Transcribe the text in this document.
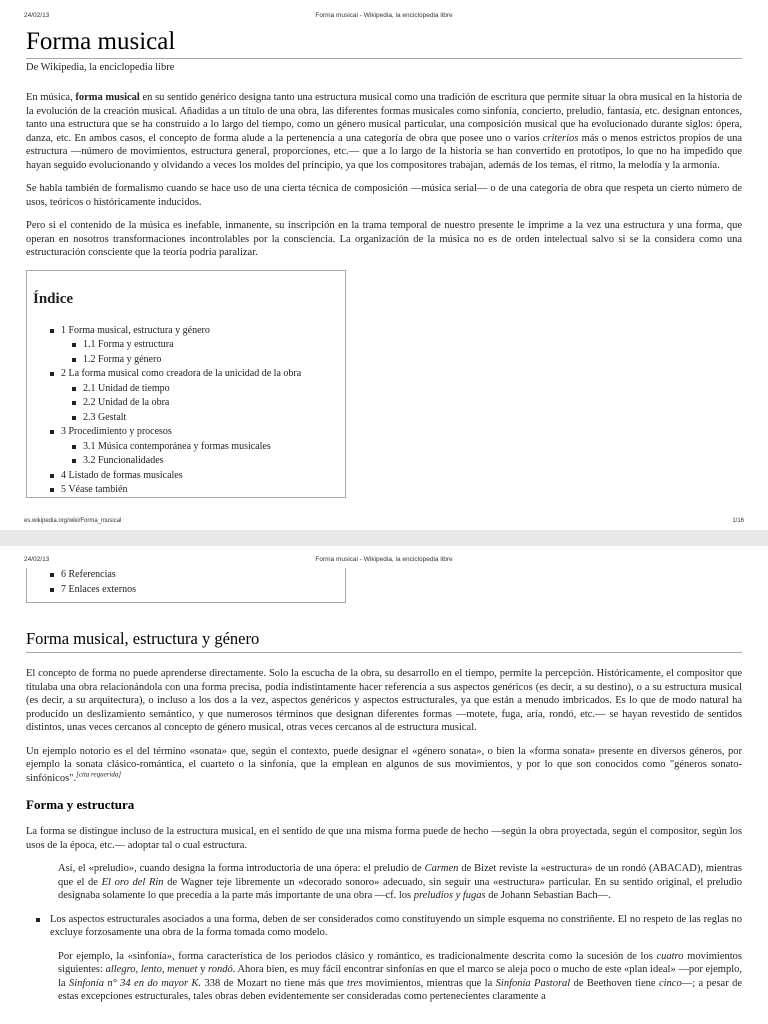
24/02/13	Forma musical - Wikipedia, la enciclopedia libre
Forma musical
De Wikipedia, la enciclopedia libre

En música, forma musical en su sentido genérico designa tanto una estructura musical como una tradición de escritura que permite situar la obra musical en la historia de la evolución de la creación musical. Añadidas a un título de una obra, las diferentes formas musicales como sinfonía, concierto, preludio, fantasía, etc. designan entonces, tanto una estructura que se ha construido a lo largo del tiempo, como un género musical particular, una composición musical que ha evolucionado durante siglos: ópera, danza, etc. En ambos casos, el concepto de forma alude a la pertenencia a una categoría de obra que posee uno o varios criterios más o menos estrictos propios de una estructura —número de movimientos, estructura general, proporciones, etc.— que a lo largo de la historia se han convertido en prototipos, lo que no ha impedido que hayan seguido evolucionando y olvidando a veces los moldes del principio, ya que los compositores trabajan, además de los temas, el ritmo, la melodía y la armonía.

Se habla también de formalismo cuando se hace uso de una cierta técnica de composición —música serial— o de una categoría de obra que respeta un cierto número de usos, teóricos o históricamente inducidos.

Pero si el contenido de la música es inefable, inmanente, su inscripción en la trama temporal de nuestro presente le imprime a la vez una estructura y una forma, que operan en nosotros transformaciones incontrolables por la consciencia. La organización de la música no es de orden intelectual salvo si se la considera como una estructuración consciente que la teoría podría paralizar.

Índice
1 Forma musical, estructura y género
1.1 Forma y estructura
1.2 Forma y género
2 La forma musical como creadora de la unicidad de la obra
2.1 Unidad de tiempo
2.2 Unidad de la obra
2.3 Gestalt
3 Procedimiento y procesos
3.1 Música contemporánea y formas musicales
3.2 Funcionalidades
4 Listado de formas musicales
5 Véase también
es.wikipedia.org/wiki/Forma_musical	1/16
24/02/13	Forma musical - Wikipedia, la enciclopedia libre
6 Referencias
7 Enlaces externos
Forma musical, estructura y género

El concepto de forma no puede aprenderse directamente. Solo la escucha de la obra, su desarrollo en el tiempo, permite la percepción. Históricamente, el compositor que titulaba una obra relacionándola con una forma precisa, podía indistintamente hacer referencia a sus aspectos genéricos (es decir, a su destino), o a su estructura musical (es decir, a su arquitectura), o incluso a los dos a la vez, aspectos genéricos y aspectos estructurales, ya que están a menudo imbricados. Es lo que de modo natural ha producido un deslizamiento semántico, y que numerosos términos que designan diferentes formas —motete, fuga, aria, rondó, etc.— se hayan revestido de sentidos distintos, unas veces cercanos al concepto de género musical, otras veces cercanos al de estructura musical.

Un ejemplo notorio es el del término «sonata» que, según el contexto, puede designar el «género sonata», o bien la «forma sonata» presente en diversos géneros, por ejemplo la sonata clásico-romántica, el cuarteto o la sinfonía, que la emplean en algunos de sus movimientos, y por lo que son conocidos como "géneros sonato-sinfónicos".[cita requerida]

Forma y estructura

La forma se distingue incluso de la estructura musical, en el sentido de que una misma forma puede de hecho —según la obra proyectada, según el compositor, según los usos de la época, etc.— adoptar tal o cual estructura.

Así, el «preludio», cuando designa la forma introductoria de una ópera: el preludio de Carmen de Bizet reviste la «estructura» de un rondó (ABACAD), mientras que el de El oro del Rin de Wagner teje libremente un «decorado sonoro» adecuado, sin seguir una «estructura» particular. En su sentido original, el preludio designaba solamente lo que precedía a la parte más importante de una obra —cf. los preludios y fugas de Johann Sebastian Bach—.

Los aspectos estructurales asociados a una forma, deben de ser considerados como constituyendo un simple esquema no constriñente. El no respeto de las reglas no excluye forzosamente una obra de la forma tomada como modelo.

Por ejemplo, la «sinfonía», forma característica de los periodos clásico y romántico, es tradicionalmente descrita como la sucesión de los cuatro movimientos siguientes: allegro, lento, menuet y rondó. Ahora bien, es muy fácil encontrar sinfonías en que el marco se aleja poco o mucho de este «plan ideal» —por ejemplo, la Sinfonía n° 34 en do mayor K. 338 de Mozart no tiene más que tres movimientos, mientras que la Sinfonía Pastoral de Beethoven tiene cinco—; a pesar de estas excepciones estructurales, tales obras deben evidentemente ser consideradas como pertenecientes claramente a
